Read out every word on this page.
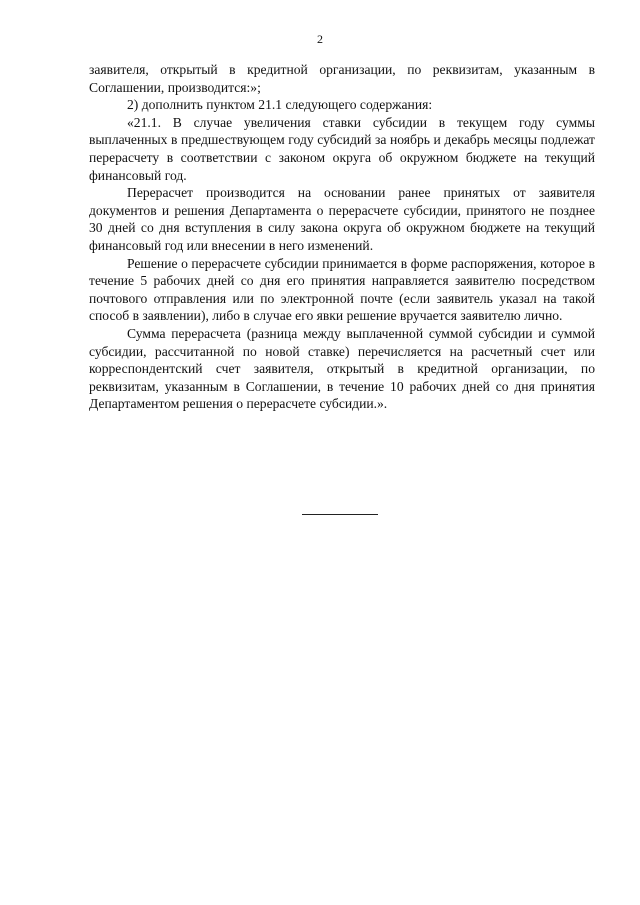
2

заявителя, открытый в кредитной организации, по реквизитам, указанным в Соглашении, производится:»;

2) дополнить пунктом 21.1 следующего содержания:

«21.1. В случае увеличения ставки субсидии в текущем году суммы выплаченных в предшествующем году субсидий за ноябрь и декабрь месяцы подлежат перерасчету в соответствии с законом округа об окружном бюджете на текущий финансовый год.

Перерасчет производится на основании ранее принятых от заявителя документов и решения Департамента о перерасчете субсидии, принятого не позднее 30 дней со дня вступления в силу закона округа об окружном бюджете на текущий финансовый год или внесении в него изменений.

Решение о перерасчете субсидии принимается в форме распоряжения, которое в течение 5 рабочих дней со дня его принятия направляется заявителю посредством почтового отправления или по электронной почте (если заявитель указал на такой способ в заявлении), либо в случае его явки решение вручается заявителю лично.

Сумма перерасчета (разница между выплаченной суммой субсидии и суммой субсидии, рассчитанной по новой ставке) перечисляется на расчетный счет или корреспондентский счет заявителя, открытый в кредитной организации, по реквизитам, указанным в Соглашении, в течение 10 рабочих дней со дня принятия Департаментом решения о перерасчете субсидии.».
